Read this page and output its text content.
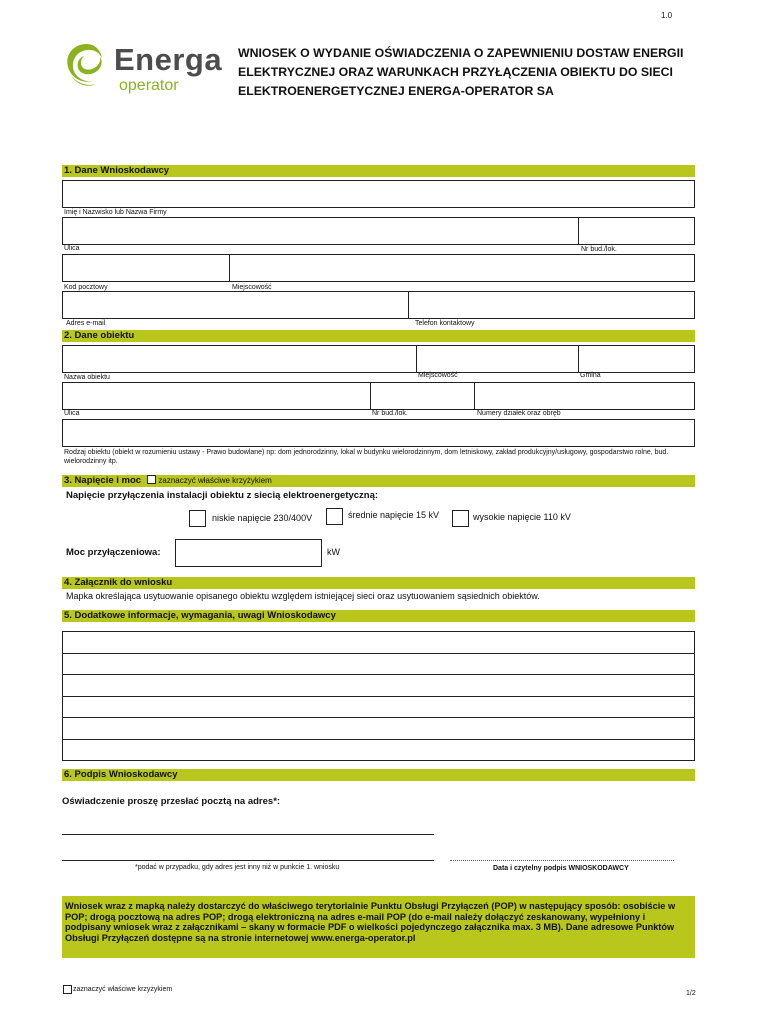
1.0
Energa
operator
WNIOSEK O WYDANIE OŚWIADCZENIA O ZAPEWNIENIU DOSTAW ENERGII ELEKTRYCZNEJ ORAZ WARUNKACH PRZYŁĄCZENIA OBIEKTU DO SIECI ELEKTROENERGETYCZNEJ ENERGA-OPERATOR SA
1. Dane Wnioskodawcy
Imię i Nazwisko lub Nazwa Firmy
Ulica	Nr bud./lok.
Kod pocztowy	Miejscowość
Adres e-mail	Telefon kontaktowy
2. Dane obiektu
Nazwa obiektu	Miejscowość	Gmina
Ulica	Nr bud./lok.	Numery działek oraz obręb
Rodzaj obiektu (obiekt w rozumieniu ustawy - Prawo budowlane) np: dom jednorodzinny, lokal w budynku wielorodzinnym, dom letniskowy, zakład produkcyjny/usługowy, gospodarstwo rolne, bud. wielorodzinny itp.
3. Napięcie i moc zaznaczyć właściwe krzyżykiem
Napięcie przyłączenia instalacji obiektu z siecią elektroenergetyczną:
niskie napięcie 230/400V	średnie napięcie 15 kV	wysokie napięcie 110 kV
Moc przyłączeniowa:	kW
4. Załącznik do wniosku
Mapka określająca usytuowanie opisanego obiektu względem istniejącej sieci oraz usytuowaniem sąsiednich obiektów.
5. Dodatkowe informacje, wymagania, uwagi Wnioskodawcy
6. Podpis Wnioskodawcy
Oświadczenie proszę przesłać pocztą na adres*:
*podać w przypadku, gdy adres jest inny niż w punkcie 1. wniosku	Data i czytelny podpis WNIOSKODAWCY
Wniosek wraz z mapką należy dostarczyć do właściwego terytorialnie Punktu Obsługi Przyłączeń (POP) w następujący sposób: osobiście w POP; drogą pocztową na adres POP; drogą elektroniczną na adres e-mail POP (do e-mail należy dołączyć zeskanowany, wypełniony i podpisany wniosek wraz z załącznikami – skany w formacie PDF o wielkości pojedynczego załącznika max. 3 MB). Dane adresowe Punktów Obsługi Przyłączeń dostępne są na stronie internetowej www.energa-operator.pl
zaznaczyć właściwe krzyżykiem
1/2
